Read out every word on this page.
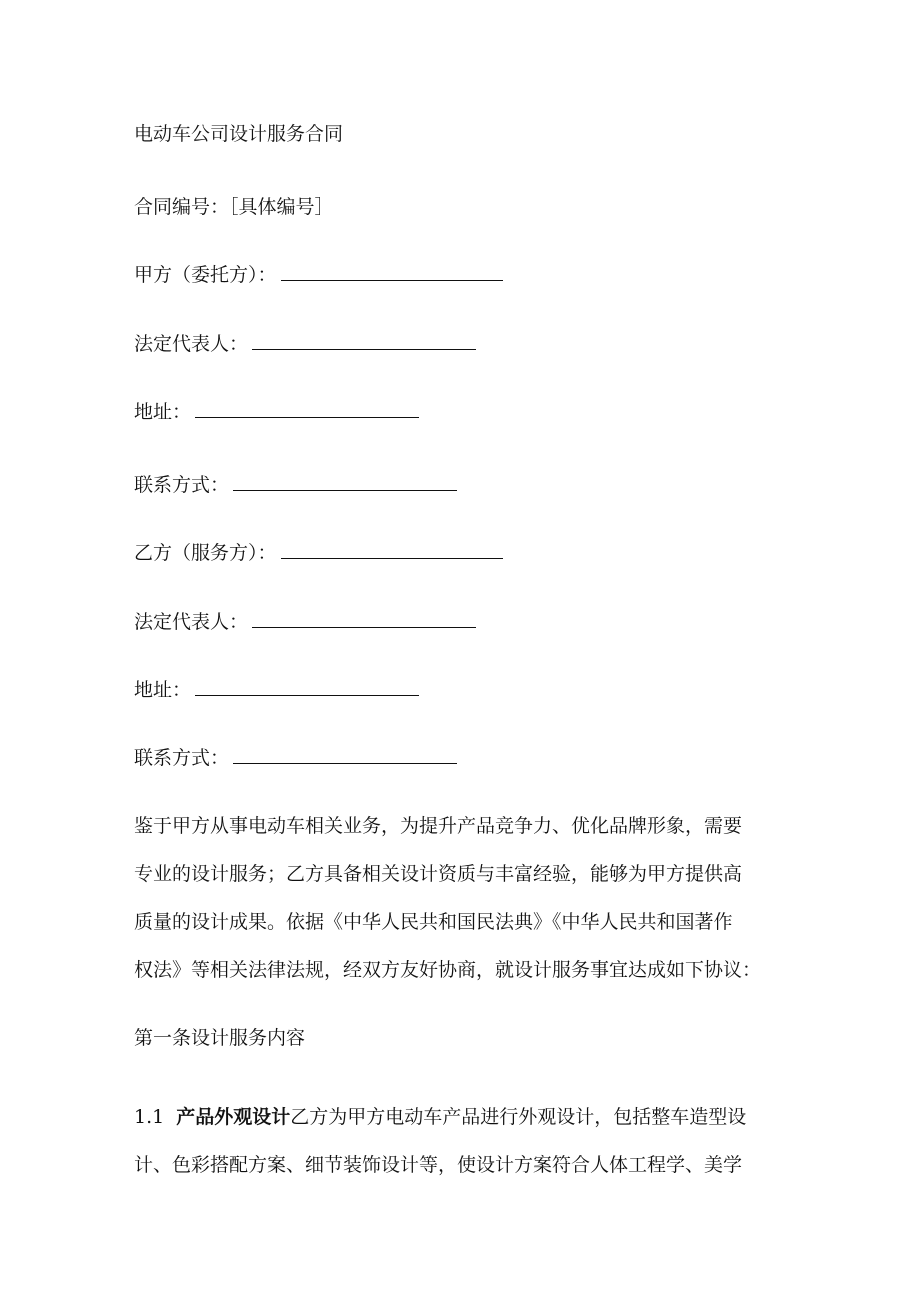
电动车公司设计服务合同
合同编号：［具体编号］
甲方（委托方）：
法定代表人：
地址：
联系方式：
乙方（服务方）：
法定代表人：
地址：
联系方式：
鉴于甲方从事电动车相关业务，为提升产品竞争力、优化品牌形象，需要
专业的设计服务；乙方具备相关设计资质与丰富经验，能够为甲方提供高
质量的设计成果。依据《中华人民共和国民法典》《中华人民共和国著作
权法》等相关法律法规，经双方友好协商，就设计服务事宜达成如下协议：
第一条设计服务内容
1.1 产品外观设计乙方为甲方电动车产品进行外观设计，包括整车造型设
计、色彩搭配方案、细节装饰设计等，使设计方案符合人体工程学、美学
